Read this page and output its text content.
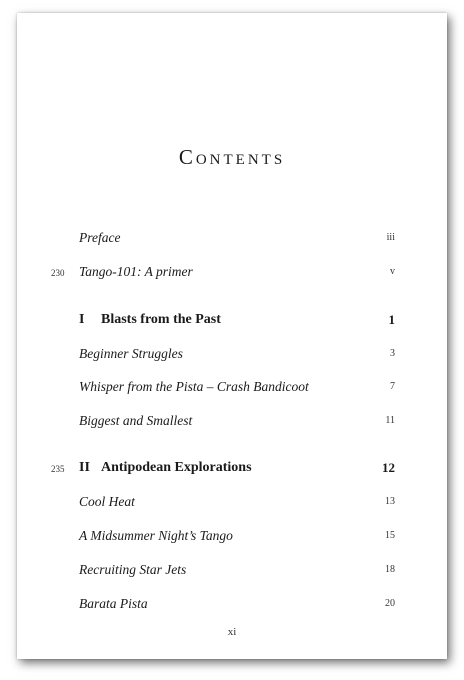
Contents
Preface	iii
230 Tango-101: A primer	v
I Blasts from the Past	1
Beginner Struggles	3
Whisper from the Pista – Crash Bandicoot	7
Biggest and Smallest	11
235 II Antipodean Explorations	12
Cool Heat	13
A Midsummer Night’s Tango	15
Recruiting Star Jets	18
Barata Pista	20
xi
